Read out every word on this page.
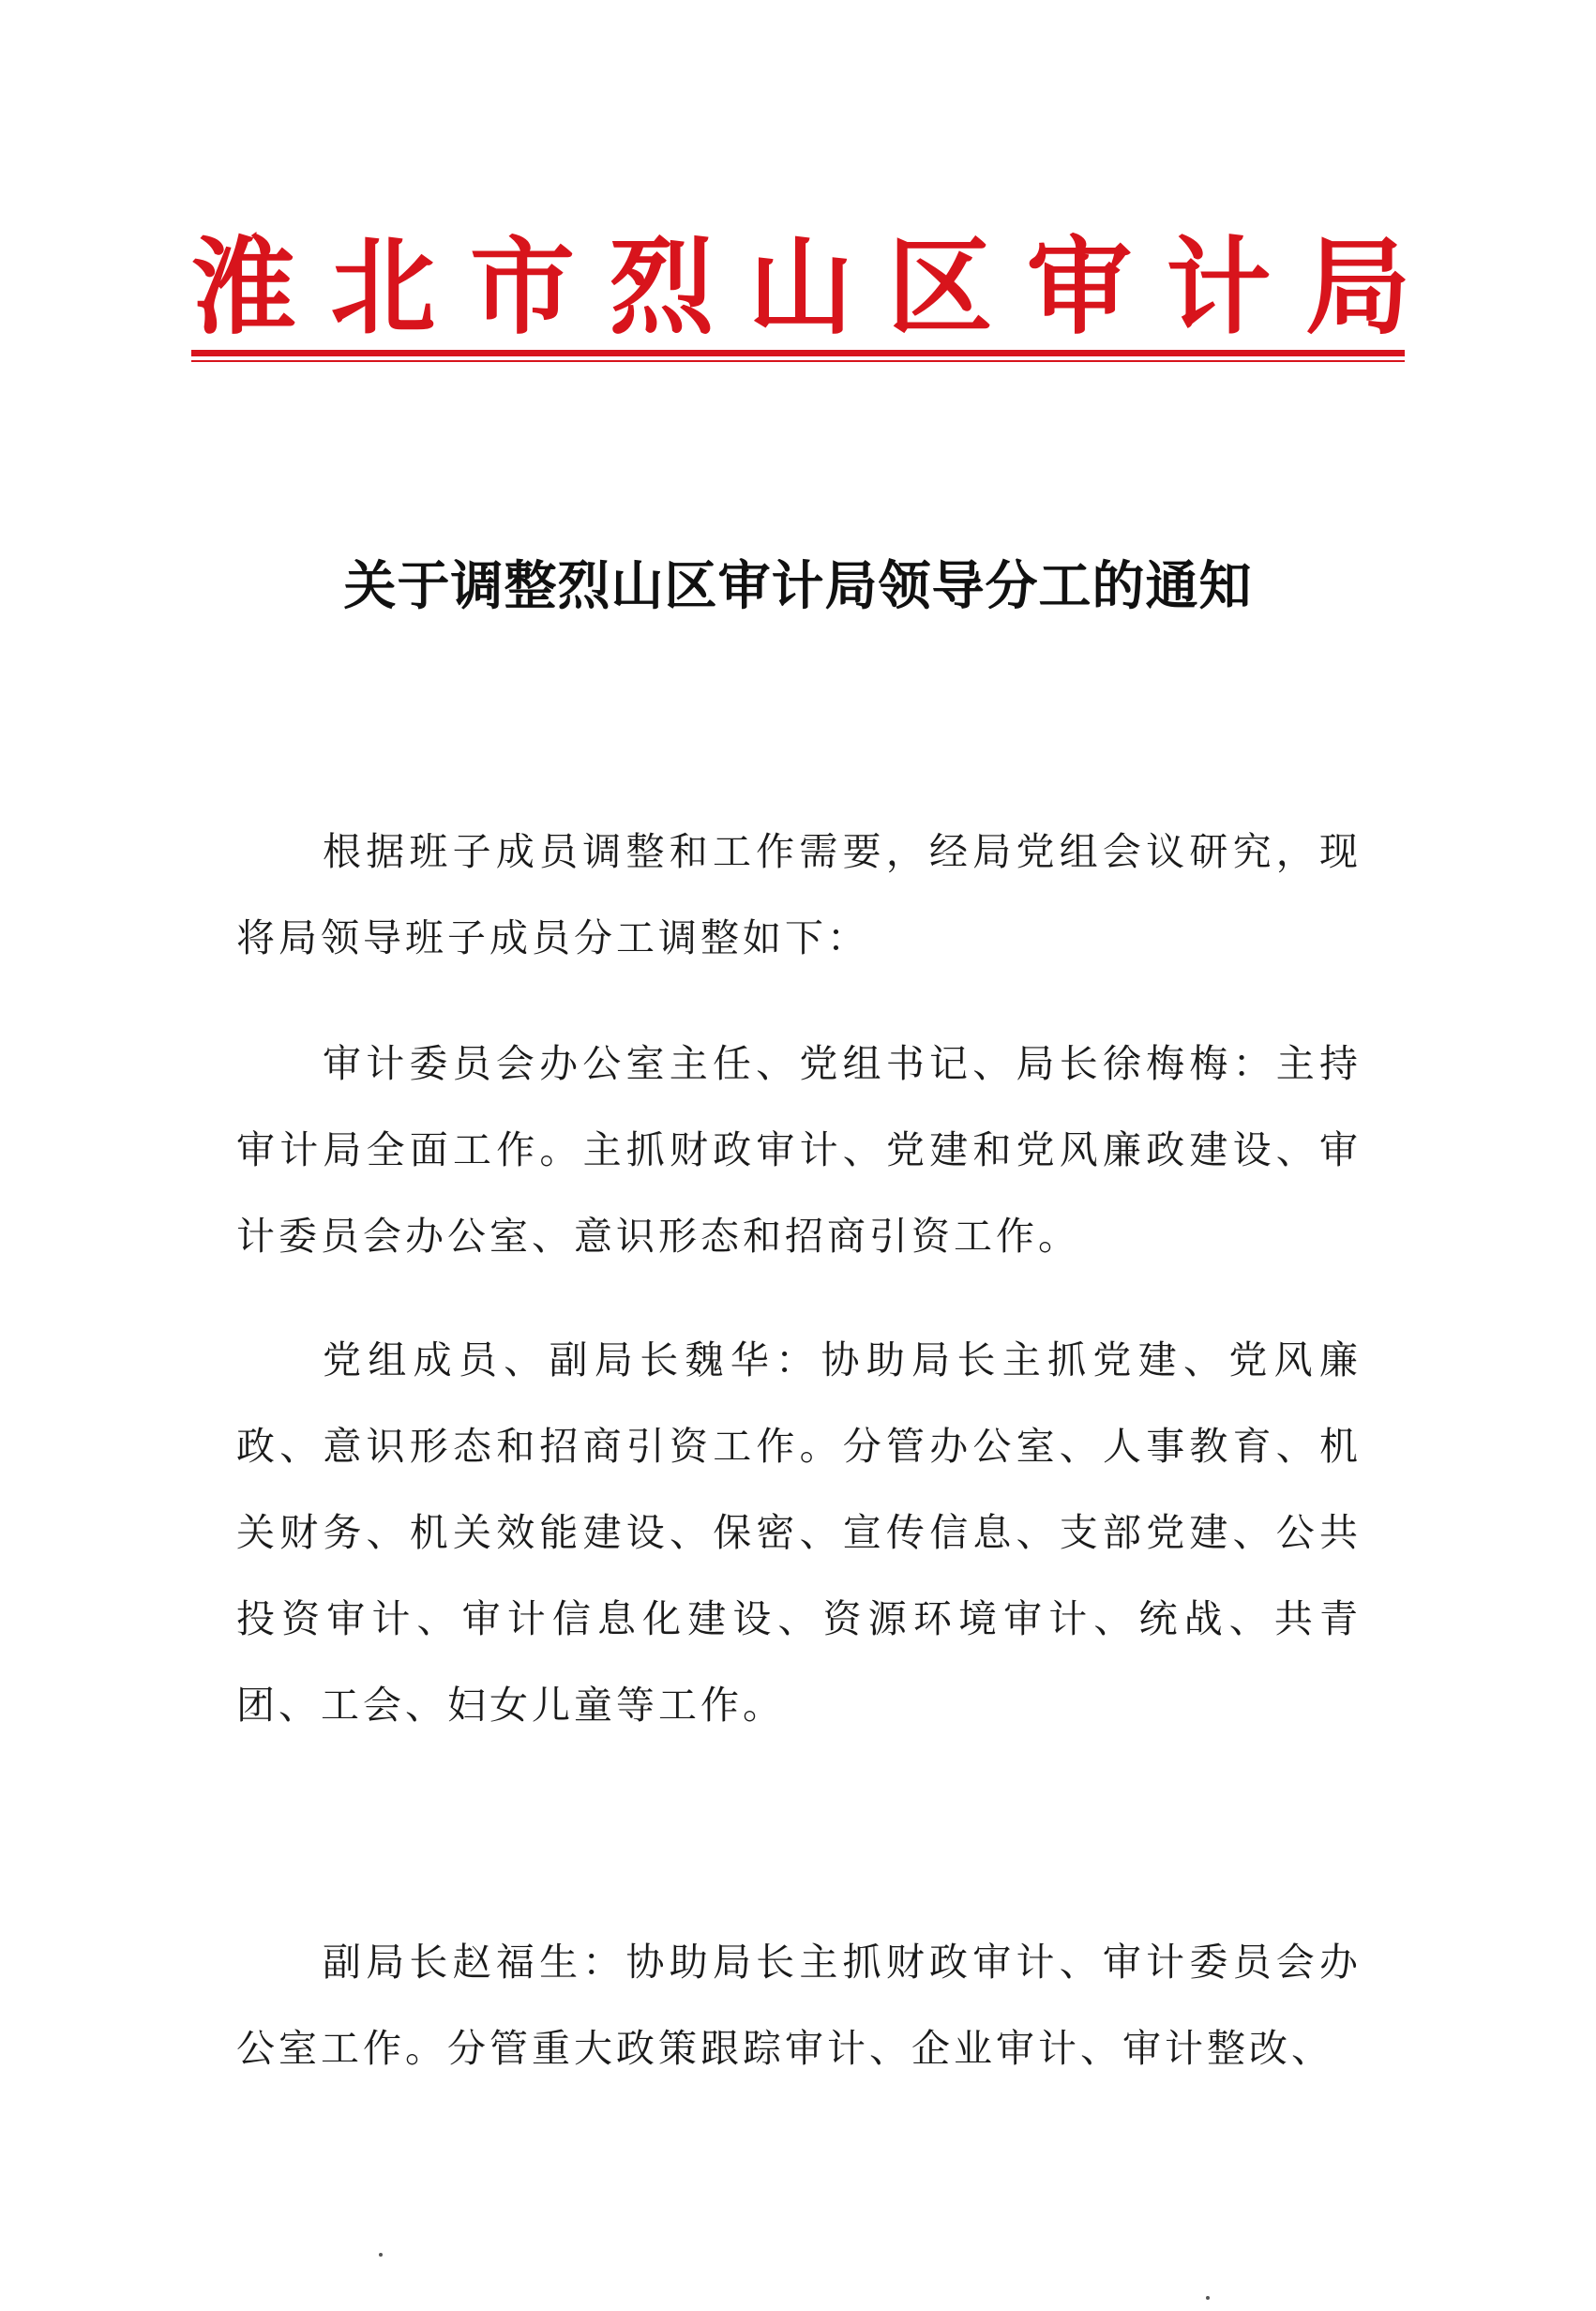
淮 北 市 烈 山 区 审 计 局
关于调整烈山区审计局领导分工的通知

根据班子成员调整和工作需要，经局党组会议研究，现将局领导班子成员分工调整如下：

审计委员会办公室主任、党组书记、局长徐梅梅：主持审计局全面工作。主抓财政审计、党建和党风廉政建设、审计委员会办公室、意识形态和招商引资工作。

党组成员、副局长魏华：协助局长主抓党建、党风廉政、意识形态和招商引资工作。分管办公室、人事教育、机关财务、机关效能建设、保密、宣传信息、支部党建、公共投资审计、审计信息化建设、资源环境审计、统战、共青团、工会、妇女儿童等工作。

副局长赵福生：协助局长主抓财政审计、审计委员会办公室工作。分管重大政策跟踪审计、企业审计、审计整改、
